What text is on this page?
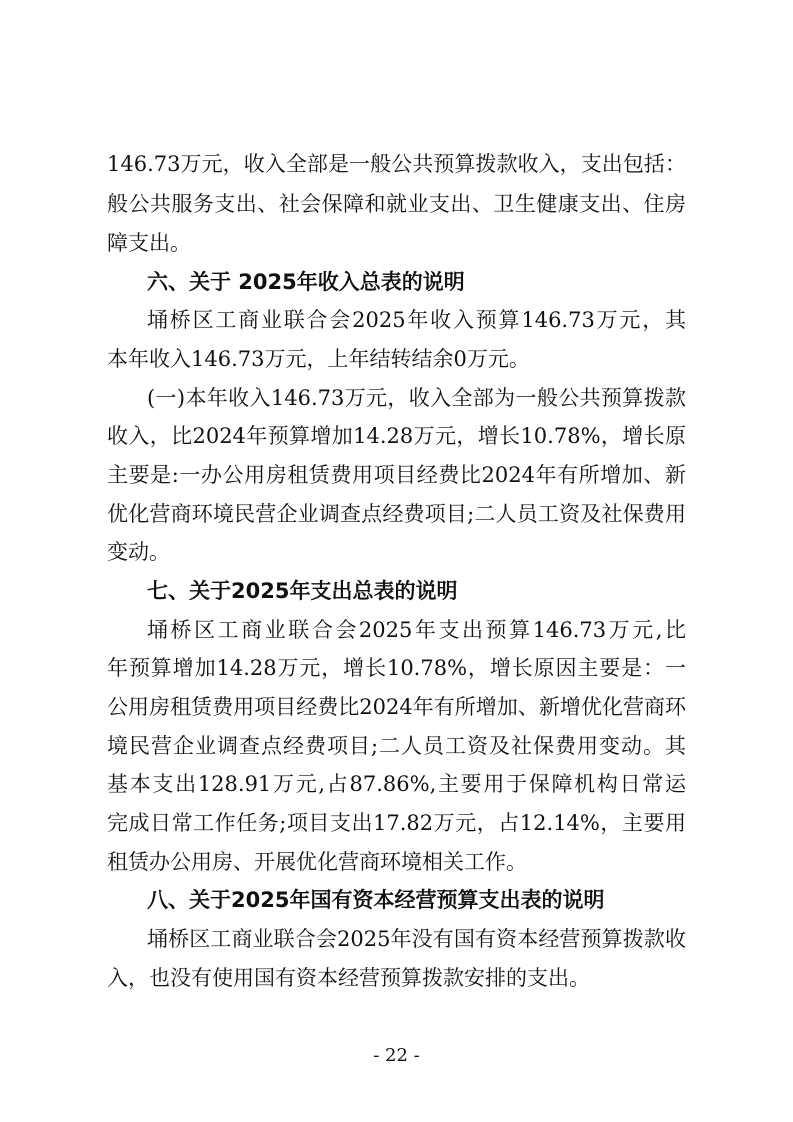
146.73万元，收入全部是一般公共预算拨款收入，支出包括：
般公共服务支出、社会保障和就业支出、卫生健康支出、住房
障支出。
六、关于 2025年收入总表的说明
埇桥区工商业联合会2025年收入预算146.73万元，其
本年收入146.73万元，上年结转结余0万元。
(一)本年收入146.73万元，收入全部为一般公共预算拨款
收入，比2024年预算增加14.28万元，增长10.78%，增长原
主要是:一办公用房租赁费用项目经费比2024年有所增加、新
优化营商环境民营企业调查点经费项目;二人员工资及社保费用
变动。
七、关于2025年支出总表的说明
埇桥区工商业联合会2025年支出预算146.73万元,比
年预算增加14.28万元，增长10.78%，增长原因主要是：一
公用房租赁费用项目经费比2024年有所增加、新增优化营商环
境民营企业调查点经费项目;二人员工资及社保费用变动。其
基本支出128.91万元,占87.86%,主要用于保障机构日常运
完成日常工作任务;项目支出17.82万元，占12.14%，主要用
租赁办公用房、开展优化营商环境相关工作。
八、关于2025年国有资本经营预算支出表的说明
埇桥区工商业联合会2025年没有国有资本经营预算拨款收
入，也没有使用国有资本经营预算拨款安排的支出。
- 22 -
